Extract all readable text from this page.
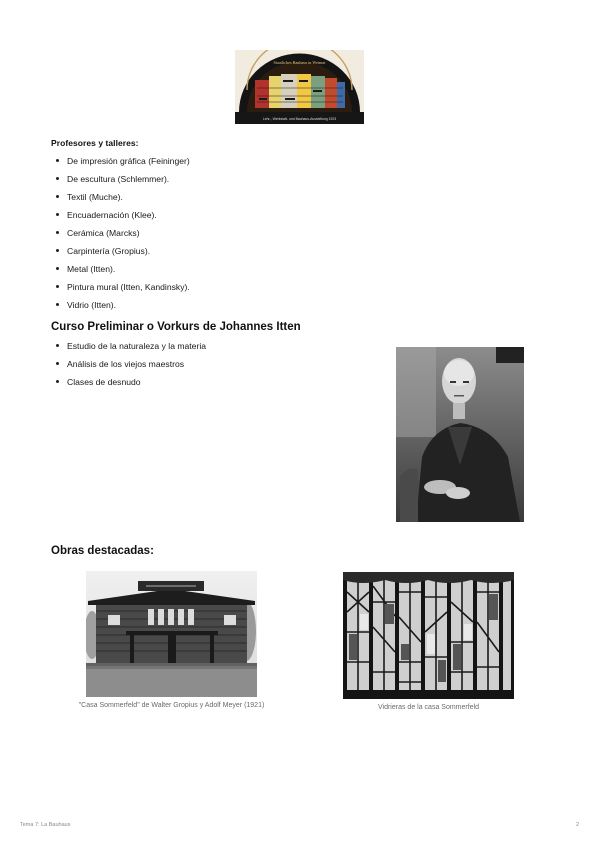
Staatliches Bauhaus in Weimar
Lehr-, Werkstatt- und Bauhaus-Ausstellung 1923
Profesores y talleres:
De impresión gráfica (Feininger)
De escultura (Schlemmer).
Textil (Muche).
Encuadernación (Klee).
Cerámica (Marcks)
Carpintería (Gropius).
Metal (Itten).
Pintura mural (Itten, Kandinsky).
Vidrio (Itten).
Curso Preliminar o Vorkurs de Johannes Itten
Estudio de la naturaleza y la materia
Análisis de los viejos maestros
Clases de desnudo
Obras destacadas:
"Casa Sommerfeld" de Walter Gropius y Adolf Meyer (1921)	Vidrieras de la casa Sommerfeld
Tema 7: La Bauhaus	2
